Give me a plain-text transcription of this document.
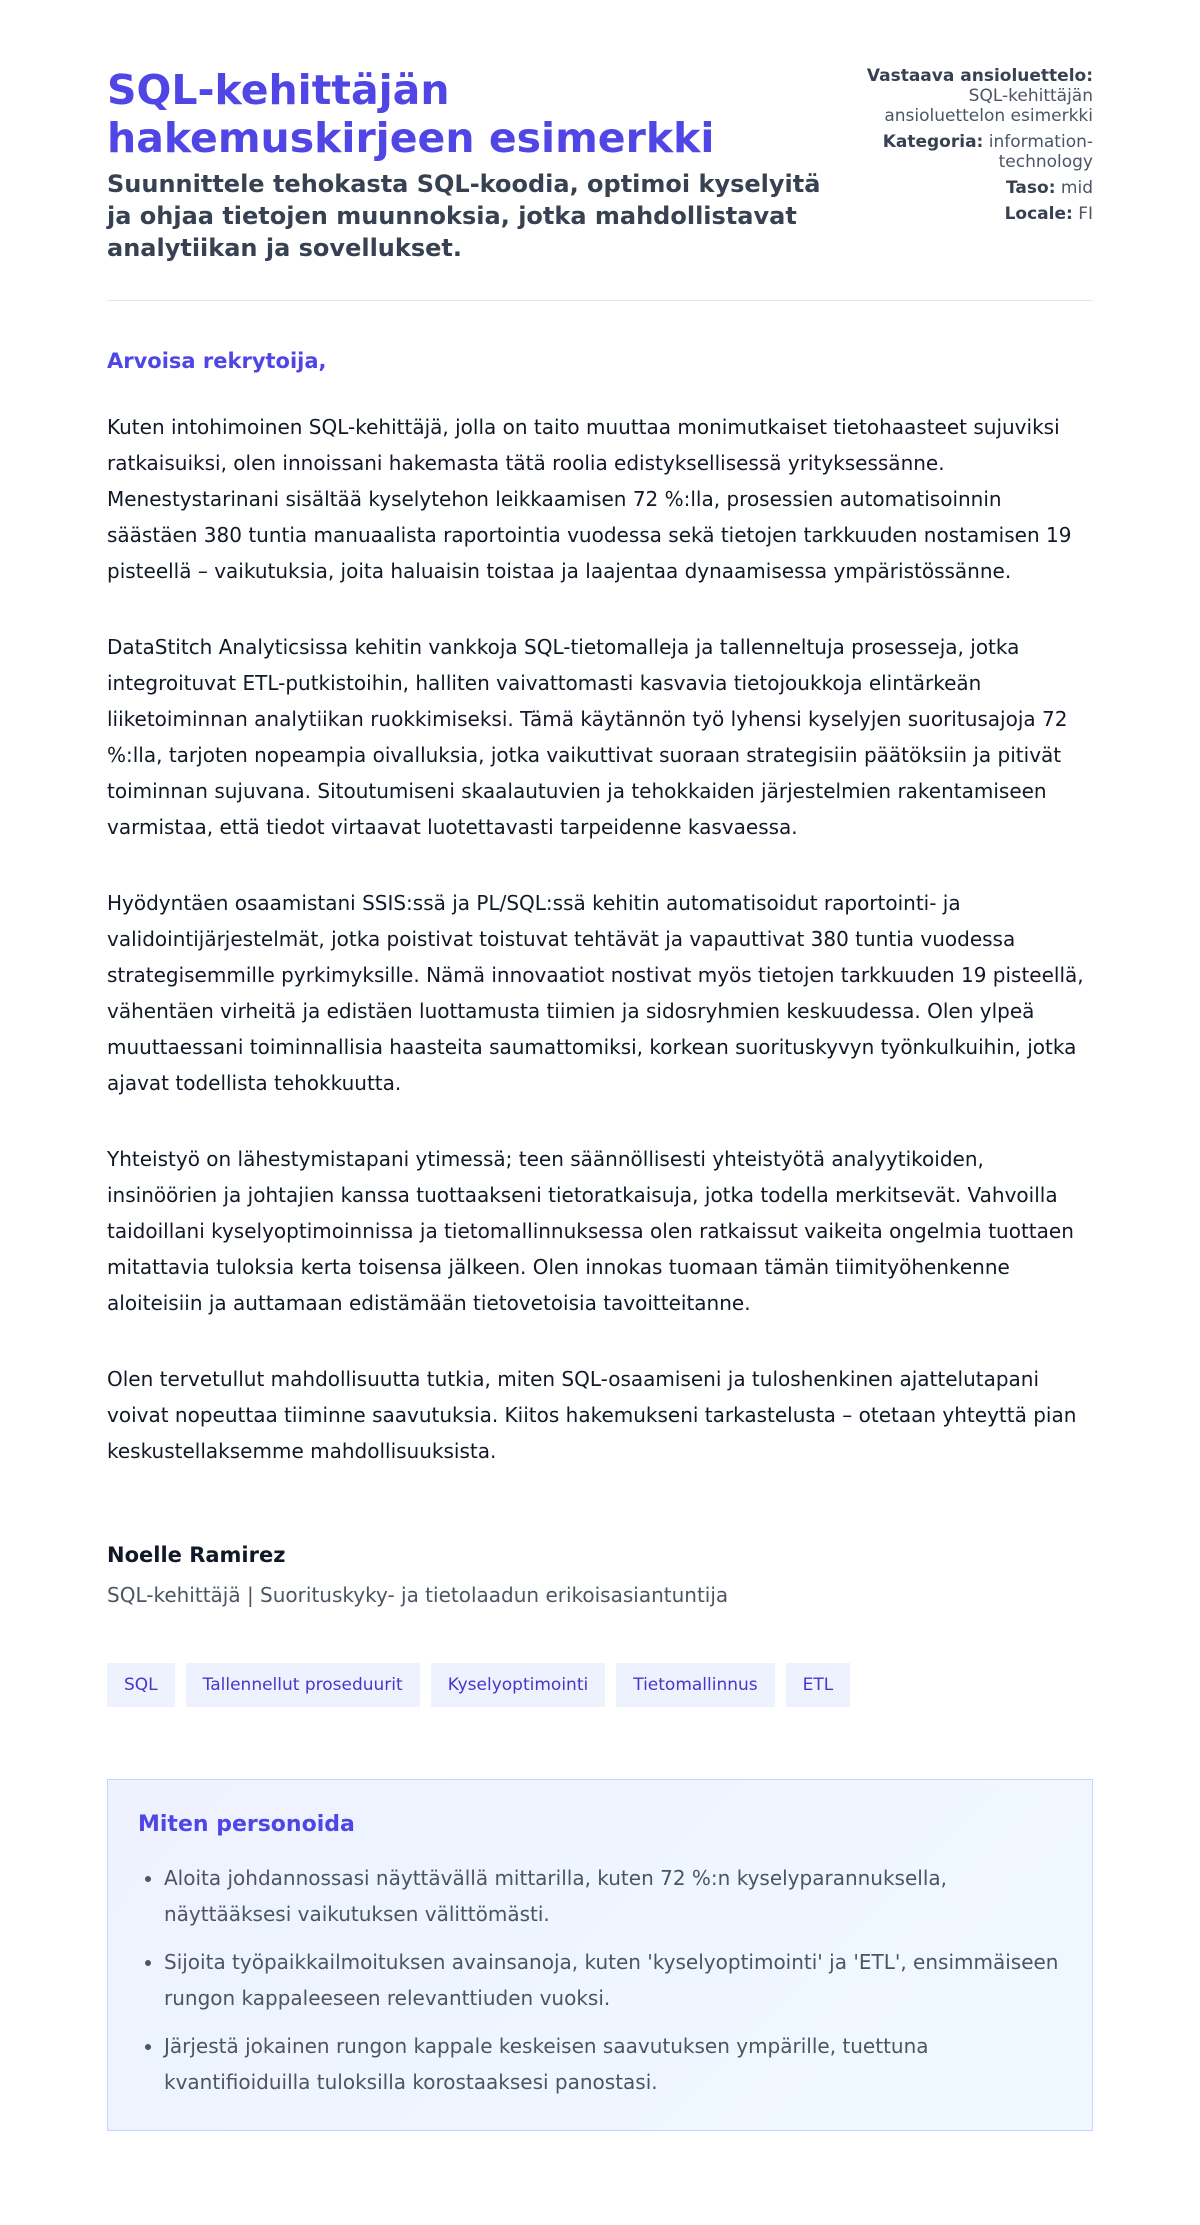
SQL-kehittäjän hakemuskirjeen esimerkki

Suunnittele tehokasta SQL-koodia, optimoi kyselyitä ja ohjaa tietojen muunnoksia, jotka mahdollistavat analytiikan ja sovellukset.

Vastaava ansioluettelo: SQL-kehittäjän ansioluettelon esimerkki
Kategoria: information-technology
Taso: mid
Locale: FI

Arvoisa rekrytoija,

Kuten intohimoinen SQL-kehittäjä, jolla on taito muuttaa monimutkaiset tietohaasteet sujuviksi ratkaisuiksi, olen innoissani hakemasta tätä roolia edistyksellisessä yrityksessänne. Menestystarinani sisältää kyselytehon leikkaamisen 72 %:lla, prosessien automatisoinnin säästäen 380 tuntia manuaalista raportointia vuodessa sekä tietojen tarkkuuden nostamisen 19 pisteellä – vaikutuksia, joita haluaisin toistaa ja laajentaa dynaamisessa ympäristössänne.

DataStitch Analyticsissa kehitin vankkoja SQL-tietomalleja ja tallenneltuja prosesseja, jotka integroituvat ETL-putkistoihin, halliten vaivattomasti kasvavia tietojoukkoja elintärkeän liiketoiminnan analytiikan ruokkimiseksi. Tämä käytännön työ lyhensi kyselyjen suoritusajoja 72 %:lla, tarjoten nopeampia oivalluksia, jotka vaikuttivat suoraan strategisiin päätöksiin ja pitivät toiminnan sujuvana. Sitoutumiseni skaalautuvien ja tehokkaiden järjestelmien rakentamiseen varmistaa, että tiedot virtaavat luotettavasti tarpeidenne kasvaessa.

Hyödyntäen osaamistani SSIS:ssä ja PL/SQL:ssä kehitin automatisoidut raportointi- ja validointijärjestelmät, jotka poistivat toistuvat tehtävät ja vapauttivat 380 tuntia vuodessa strategisemmille pyrkimyksille. Nämä innovaatiot nostivat myös tietojen tarkkuuden 19 pisteellä, vähentäen virheitä ja edistäen luottamusta tiimien ja sidosryhmien keskuudessa. Olen ylpeä muuttaessani toiminnallisia haasteita saumattomiksi, korkean suorituskyvyn työnkulkuihin, jotka ajavat todellista tehokkuutta.

Yhteistyö on lähestymistapani ytimessä; teen säännöllisesti yhteistyötä analyytikoiden, insinöörien ja johtajien kanssa tuottaakseni tietoratkaisuja, jotka todella merkitsevät. Vahvoilla taidoillani kyselyoptimoinnissa ja tietomallinnuksessa olen ratkaissut vaikeita ongelmia tuottaen mitattavia tuloksia kerta toisensa jälkeen. Olen innokas tuomaan tämän tiimityöhenkenne aloiteisiin ja auttamaan edistämään tietovetoisia tavoitteitanne.

Olen tervetullut mahdollisuutta tutkia, miten SQL-osaamiseni ja tuloshenkinen ajattelutapani voivat nopeuttaa tiiminne saavutuksia. Kiitos hakemukseni tarkastelusta – otetaan yhteyttä pian keskustellaksemme mahdollisuuksista.

Noelle Ramirez

SQL-kehittäjä | Suorituskyky- ja tietolaadun erikoisasiantuntija

SQL	Tallennellut proseduurit	Kyselyoptimointi	Tietomallinnus	ETL
Miten personoida
• Aloita johdannossasi näyttävällä mittarilla, kuten 72 %:n kyselyparannuksella, näyttääksesi vaikutuksen välittömästi.
• Sijoita työpaikkailmoituksen avainsanoja, kuten 'kyselyoptimointi' ja 'ETL', ensimmäiseen rungon kappaleeseen relevanttiuden vuoksi.
• Järjestä jokainen rungon kappale keskeisen saavutuksen ympärille, tuettuna kvantifioiduilla tuloksilla korostaaksesi panostasi.
